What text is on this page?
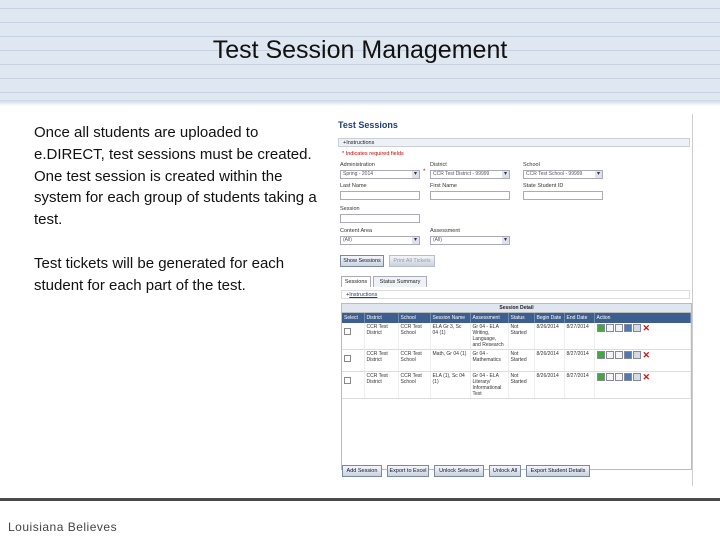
Test Session Management
Once all students are uploaded to e.DIRECT, test sessions must be created. One test session is created within the system for each group of students taking a test.
Test tickets will be generated for each student for each part of the test.
Test Sessions
+Instructions
* Indicates required fields
Administration
Spring - 2014 ▾	*
District
CCR Test District - 99999 ▾
School
CCR Test School - 99999 ▾
Last Name	First Name	State Student ID
Session
Content Area
(All) ▾
Assessment
(All) ▾
Show Sessions	Print All Tickets
Sessions	Status Summary
+Instructions
Session Detail
Select	District	School	Session Name	Assessment	Status	Begin Date	End Date	Action
	CCR Test District	CCR Test School	ELA Gr 3, Sc 04 (1)	Gr 04 - ELA Writing, Language, and Research	Not Started	8/26/2014	8/27/2014	✕
	CCR Test District	CCR Test School	Math, Gr 04 (1)	Gr 04 - Mathematics	Not Started	8/26/2014	8/27/2014	✕
	CCR Test District	CCR Test School	ELA (1), Sc 04 (1)	Gr 04 - ELA Literary/ Informational Text	Not Started	8/26/2014	8/27/2014	✕
Add Session	Export to Excel	Unlock Selected	Unlock All	Export Student Details
Louisiana Believes
